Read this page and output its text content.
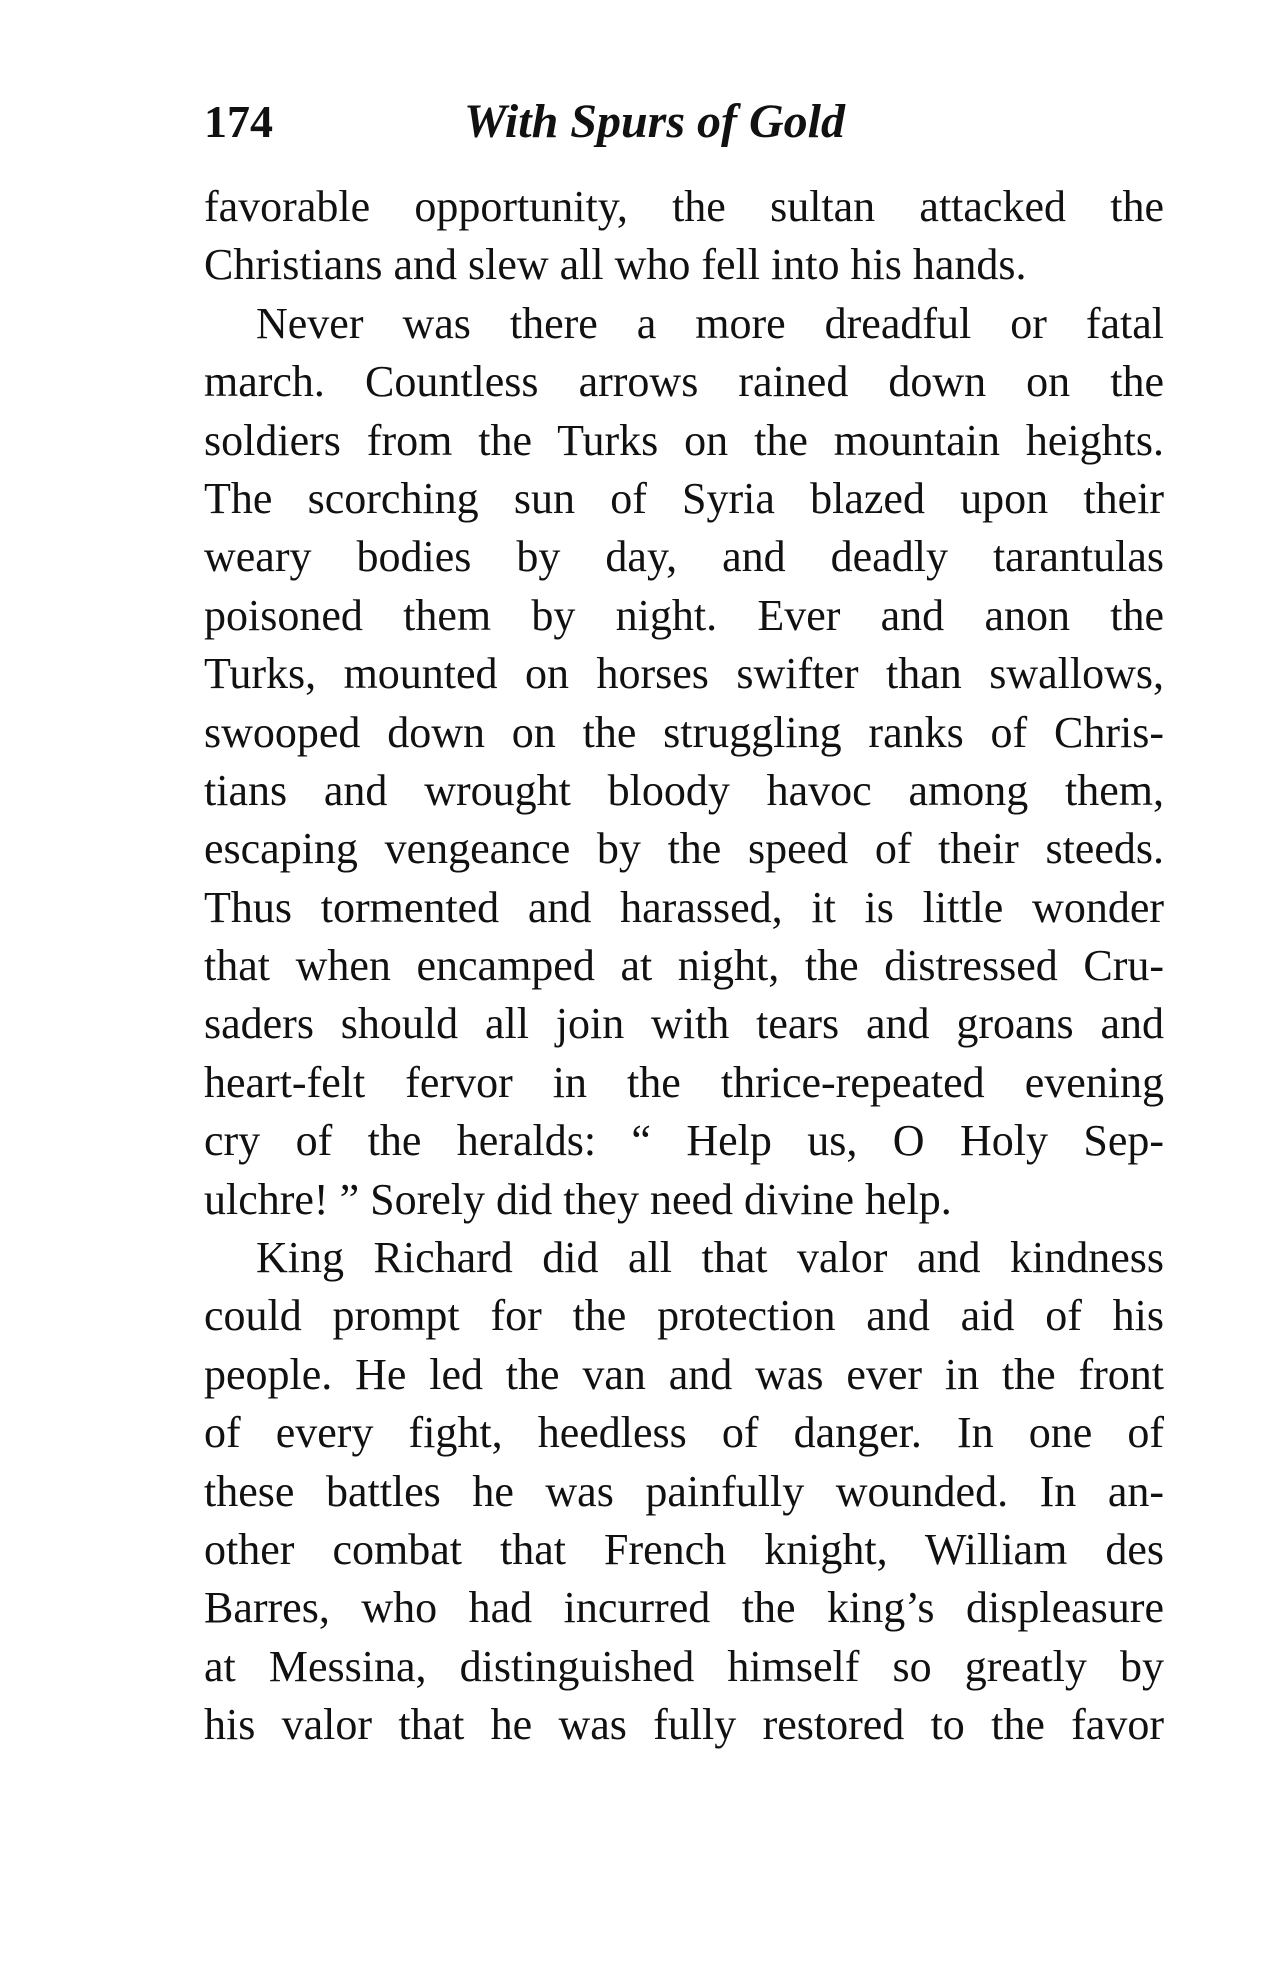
174	With Spurs of Gold
favorable opportunity, the sultan attacked the
Christians and slew all who fell into his hands.
Never was there a more dreadful or fatal
march. Countless arrows rained down on the
soldiers from the Turks on the mountain heights.
The scorching sun of Syria blazed upon their
weary bodies by day, and deadly tarantulas
poisoned them by night. Ever and anon the
Turks, mounted on horses swifter than swallows,
swooped down on the struggling ranks of Chris-
tians and wrought bloody havoc among them,
escaping vengeance by the speed of their steeds.
Thus tormented and harassed, it is little wonder
that when encamped at night, the distressed Cru-
saders should all join with tears and groans and
heart-felt fervor in the thrice-repeated evening
cry of the heralds: “ Help us, O Holy Sep-
ulchre! ” Sorely did they need divine help.
King Richard did all that valor and kindness
could prompt for the protection and aid of his
people. He led the van and was ever in the front
of every fight, heedless of danger. In one of
these battles he was painfully wounded. In an-
other combat that French knight, William des
Barres, who had incurred the king’s displeasure
at Messina, distinguished himself so greatly by
his valor that he was fully restored to the favor
